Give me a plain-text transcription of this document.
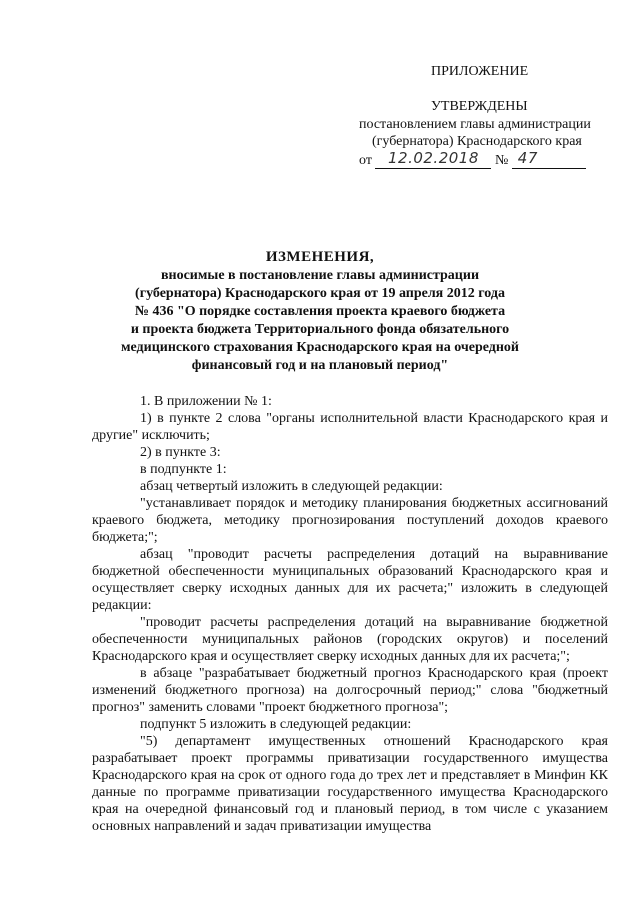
ПРИЛОЖЕНИЕ
УТВЕРЖДЕНЫ
постановлением главы администрации
(губернатора) Краснодарского края
от 12.02.2018 № 47
ИЗМЕНЕНИЯ,
вносимые в постановление главы администрации
(губернатора) Краснодарского края от 19 апреля 2012 года
№ 436 "О порядке составления проекта краевого бюджета
и проекта бюджета Территориального фонда обязательного
медицинского страхования Краснодарского края на очередной
финансовый год и на плановый период"

1. В приложении № 1:

1) в пункте 2 слова "органы исполнительной власти Краснодарского края и другие" исключить;

2) в пункте 3:

в подпункте 1:

абзац четвертый изложить в следующей редакции:

"устанавливает порядок и методику планирования бюджетных ассигнований краевого бюджета, методику прогнозирования поступлений доходов краевого бюджета;";

абзац "проводит расчеты распределения дотаций на выравнивание бюджетной обеспеченности муниципальных образований Краснодарского края и осуществляет сверку исходных данных для их расчета;" изложить в следующей редакции:

"проводит расчеты распределения дотаций на выравнивание бюджетной обеспеченности муниципальных районов (городских округов) и поселений Краснодарского края и осуществляет сверку исходных данных для их расчета;";

в абзаце "разрабатывает бюджетный прогноз Краснодарского края (проект изменений бюджетного прогноза) на долгосрочный период;" слова "бюджетный прогноз" заменить словами "проект бюджетного прогноза";

подпункт 5 изложить в следующей редакции:

"5) департамент имущественных отношений Краснодарского края разрабатывает проект программы приватизации государственного имущества Краснодарского края на срок от одного года до трех лет и представляет в Минфин КК данные по программе приватизации государственного имущества Краснодарского края на очередной финансовый год и плановый период, в том числе с указанием основных направлений и задач приватизации имущества
